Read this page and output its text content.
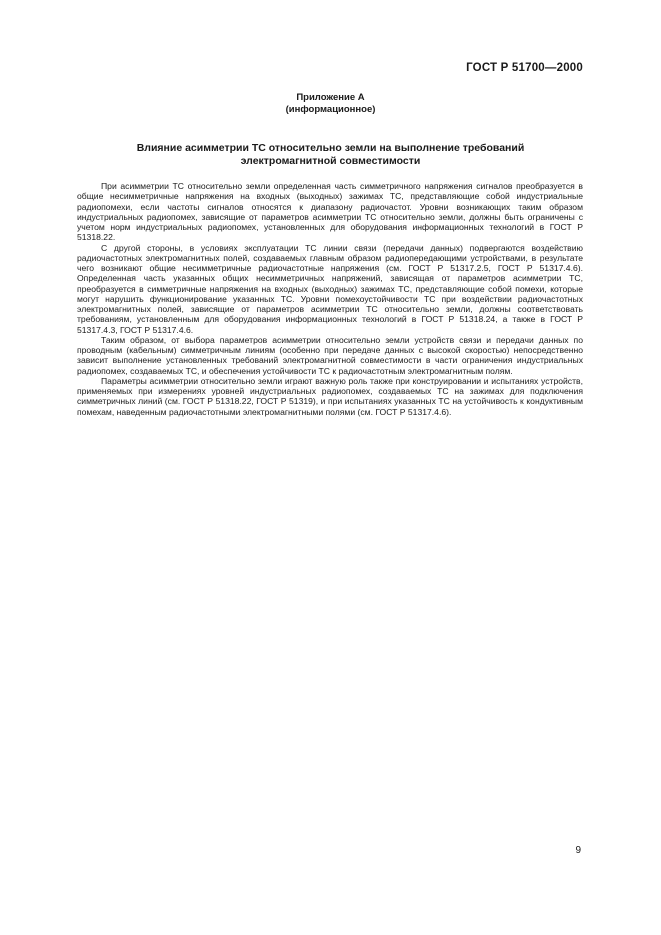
ГОСТ Р 51700—2000
Приложение А
(информационное)
Влияние асимметрии ТС относительно земли на выполнение требований
электромагнитной совместимости

При асимметрии ТС относительно земли определенная часть симметричного напряжения сигналов преобразуется в общие несимметричные напряжения на входных (выходных) зажимах ТС, представляющие собой индустриальные радиопомехи, если частоты сигналов относятся к диапазону радиочастот. Уровни возникающих таким образом индустриальных радиопомех, зависящие от параметров асимметрии ТС относительно земли, должны быть ограничены с учетом норм индустриальных радиопомех, установленных для оборудования информационных технологий в ГОСТ Р 51318.22.

С другой стороны, в условиях эксплуатации ТС линии связи (передачи данных) подвергаются воздействию радиочастотных электромагнитных полей, создаваемых главным образом радиопередающими устройствами, в результате чего возникают общие несимметричные радиочастотные напряжения (см. ГОСТ Р 51317.2.5, ГОСТ Р 51317.4.6). Определенная часть указанных общих несимметричных напряжений, зависящая от параметров асимметрии ТС, преобразуется в симметричные напряжения на входных (выходных) зажимах ТС, представляющие собой помехи, которые могут нарушить функционирование указанных ТС. Уровни помехоустойчивости ТС при воздействии радиочастотных электромагнитных полей, зависящие от параметров асимметрии ТС относительно земли, должны соответствовать требованиям, установленным для оборудования информационных технологий в ГОСТ Р 51318.24, а также в ГОСТ Р 51317.4.3, ГОСТ Р 51317.4.6.

Таким образом, от выбора параметров асимметрии относительно земли устройств связи и передачи данных по проводным (кабельным) симметричным линиям (особенно при передаче данных с высокой скоростью) непосредственно зависит выполнение установленных требований электромагнитной совместимости в части ограничения индустриальных радиопомех, создаваемых ТС, и обеспечения устойчивости ТС к радиочастотным электромагнитным полям.

Параметры асимметрии относительно земли играют важную роль также при конструировании и испытаниях устройств, применяемых при измерениях уровней индустриальных радиопомех, создаваемых ТС на зажимах для подключения симметричных линий (см. ГОСТ Р 51318.22, ГОСТ Р 51319), и при испытаниях указанных ТС на устойчивость к кондуктивным помехам, наведенным радиочастотными электромагнитными полями (см. ГОСТ Р 51317.4.6).

9
